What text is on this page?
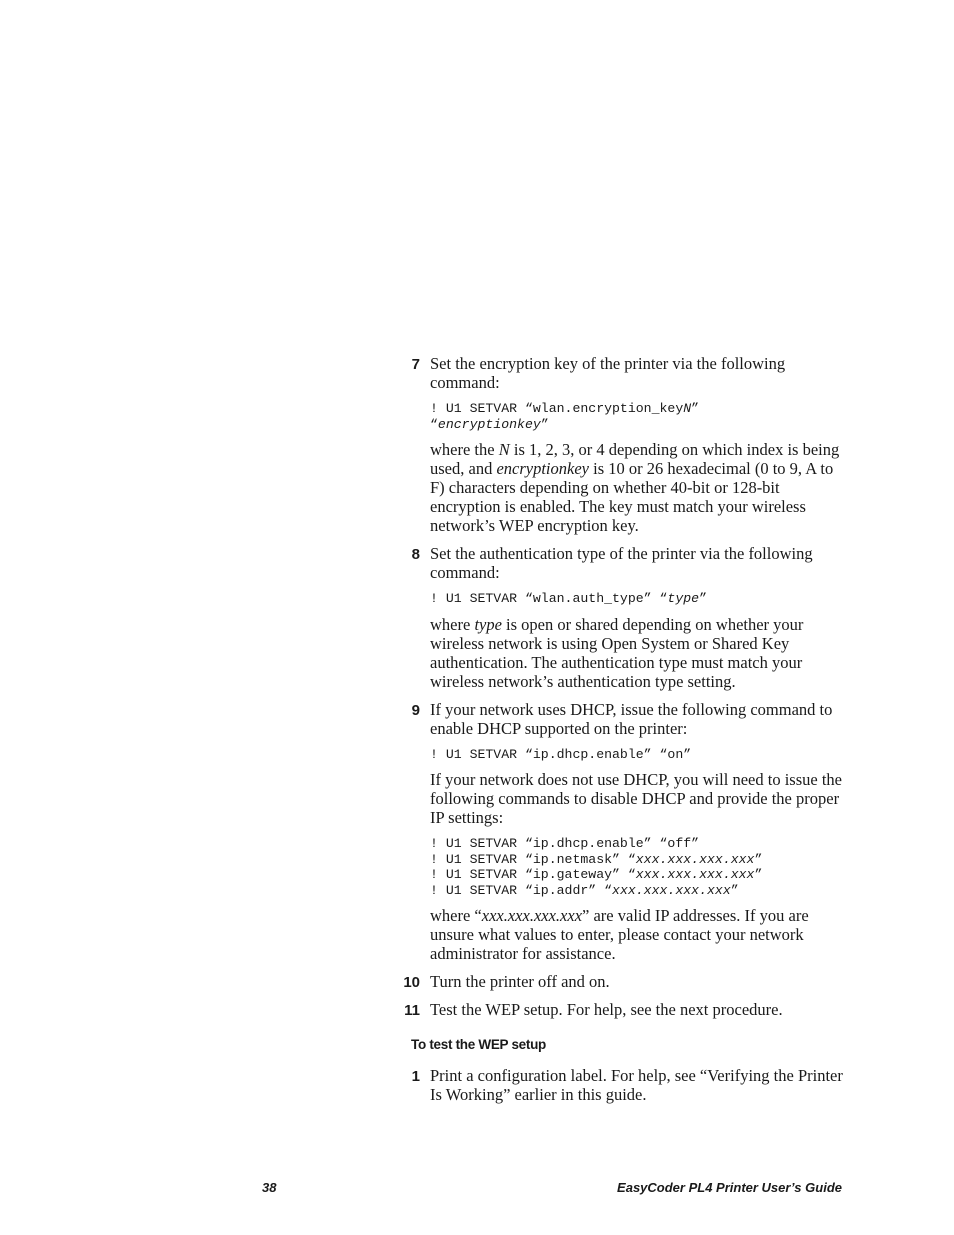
7 Set the encryption key of the printer via the following command:

! U1 SETVAR “wlan.encryption_keyN”
“encryptionkey”

where the N is 1, 2, 3, or 4 depending on which index is being used, and encryptionkey is 10 or 26 hexadecimal (0 to 9, A to F) characters depending on whether 40-bit or 128-bit encryption is enabled. The key must match your wireless network’s WEP encryption key.

8 Set the authentication type of the printer via the following command:

! U1 SETVAR “wlan.auth_type” “type”

where type is open or shared depending on whether your wireless network is using Open System or Shared Key authentication. The authentication type must match your wireless network’s authentication type setting.

9 If your network uses DHCP, issue the following command to enable DHCP supported on the printer:

! U1 SETVAR “ip.dhcp.enable” “on”

If your network does not use DHCP, you will need to issue the following commands to disable DHCP and provide the proper IP settings:

! U1 SETVAR “ip.dhcp.enable” “off”
! U1 SETVAR “ip.netmask” “xxx.xxx.xxx.xxx”
! U1 SETVAR “ip.gateway” “xxx.xxx.xxx.xxx”
! U1 SETVAR “ip.addr” “xxx.xxx.xxx.xxx”

where “xxx.xxx.xxx.xxx” are valid IP addresses. If you are unsure what values to enter, please contact your network administrator for assistance.

10 Turn the printer off and on.

11 Test the WEP setup. For help, see the next procedure.

To test the WEP setup
1 Print a configuration label. For help, see “Verifying the Printer Is Working” earlier in this guide.

38	EasyCoder PL4 Printer User’s Guide
